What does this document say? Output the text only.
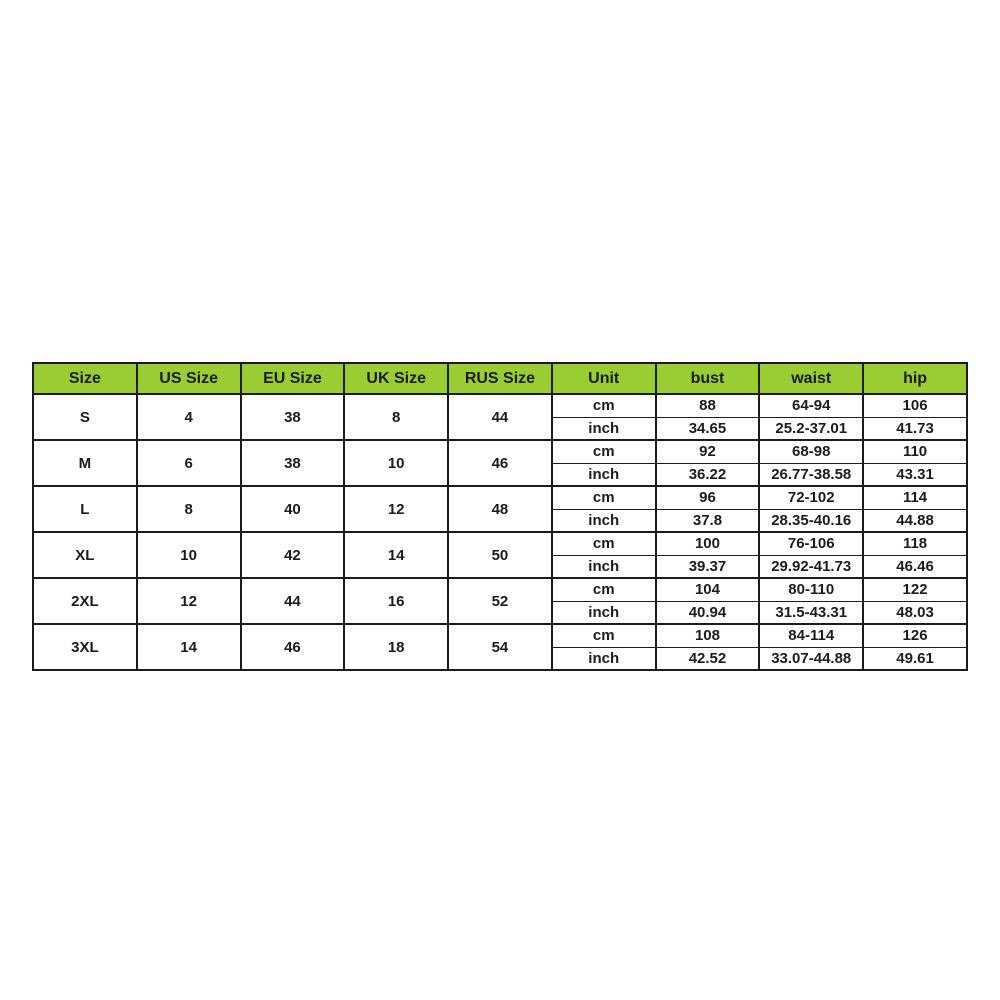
Size	US Size	EU Size	UK Size	RUS Size	Unit	bust	waist	hip
S	4	38	8	44	cm	88	64-94	106
					inch	34.65	25.2-37.01	41.73
M	6	38	10	46	cm	92	68-98	110
					inch	36.22	26.77-38.58	43.31
L	8	40	12	48	cm	96	72-102	114
					inch	37.8	28.35-40.16	44.88
XL	10	42	14	50	cm	100	76-106	118
					inch	39.37	29.92-41.73	46.46
2XL	12	44	16	52	cm	104	80-110	122
					inch	40.94	31.5-43.31	48.03
3XL	14	46	18	54	cm	108	84-114	126
					inch	42.52	33.07-44.88	49.61
